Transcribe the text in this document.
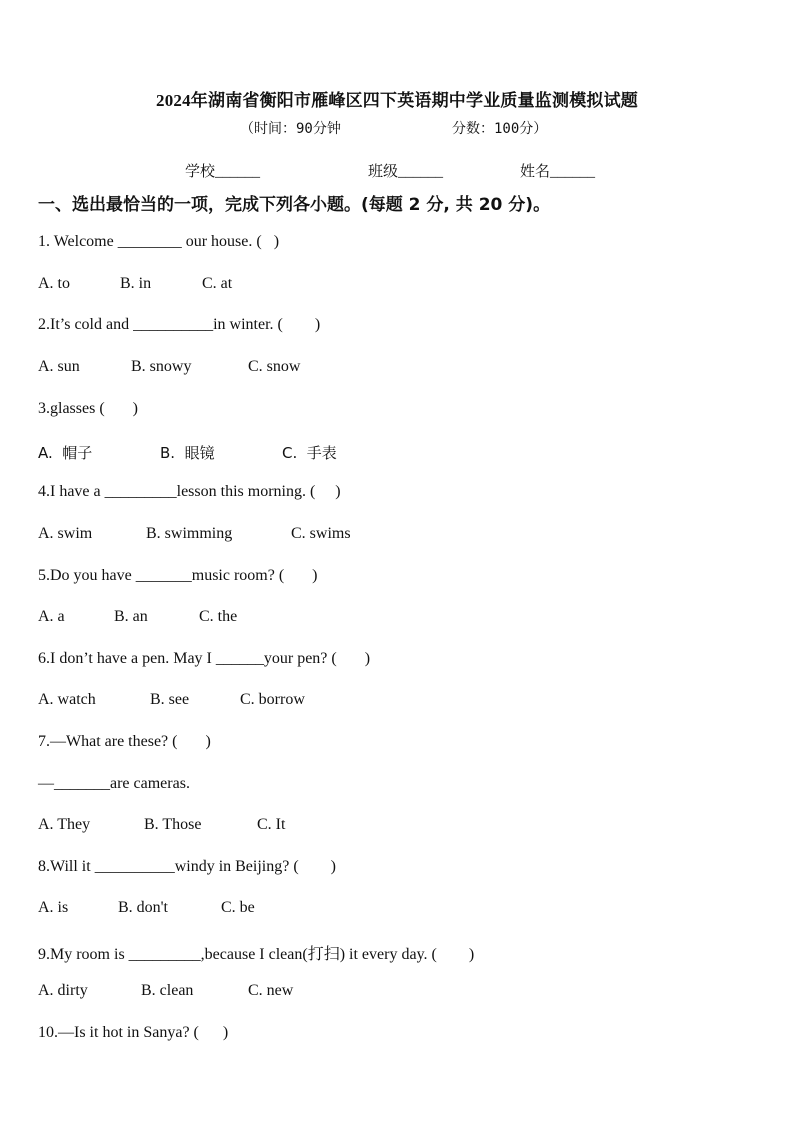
2024年湖南省衡阳市雁峰区四下英语期中学业质量监测模拟试题
（时间：90分钟	分数：100分）
学校______	班级______	姓名______
一、选出最恰当的一项，完成下列各小题。(每题 2 分, 共 20 分)。
1. Welcome ________ our house. (   )
A. to	B. in	C. at
2.It’s cold and __________in winter. (        )
A. sun	B. snowy	C. snow
3.glasses (       )
A.  帽子	B.  眼镜	C.  手表
4.I have a _________lesson this morning. (     )
A. swim	B. swimming	C. swims
5.Do you have _______music room? (       )
A. a	B. an	C. the
6.I don’t have a pen. May I ______your pen? (       )
A. watch	B. see	C. borrow
7.—What are these? (       )
—_______are cameras.
A. They	B. Those	C. It
8.Will it __________windy in Beijing? (        )
A. is	B. don't	C. be
9.My room is _________,because I clean(打扫) it every day. (        )
A. dirty	B. clean	C. new
10.—Is it hot in Sanya? (      )
